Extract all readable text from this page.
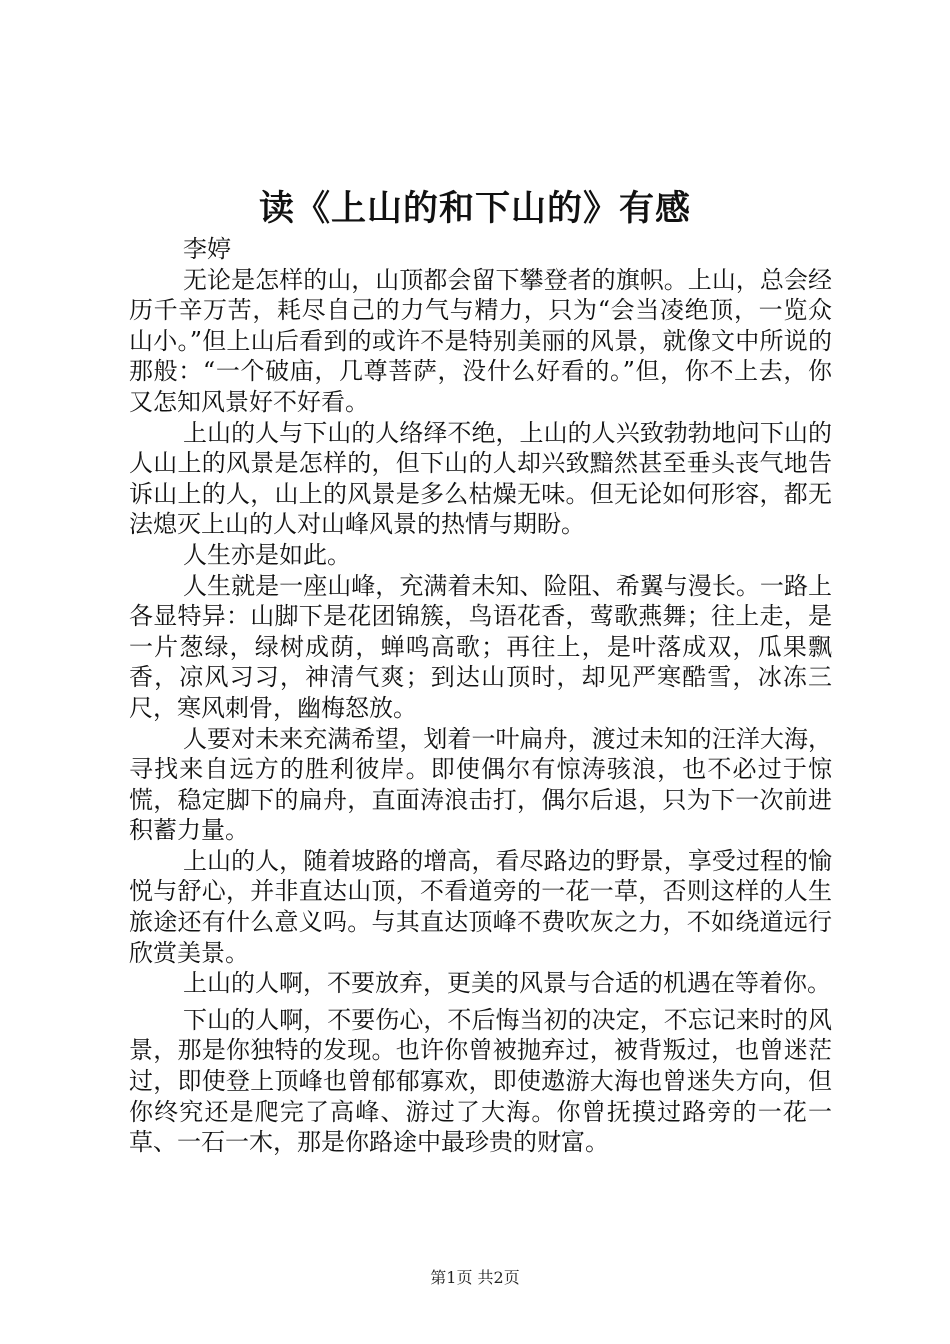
读《上山的和下山的》有感

李婷

无论是怎样的山，山顶都会留下攀登者的旗帜。上山，总会经历千辛万苦，耗尽自己的力气与精力，只为“会当凌绝顶，一览众山小。”但上山后看到的或许不是特别美丽的风景，就像文中所说的那般：“一个破庙，几尊菩萨，没什么好看的。”但，你不上去，你又怎知风景好不好看。

上山的人与下山的人络绎不绝，上山的人兴致勃勃地问下山的人山上的风景是怎样的，但下山的人却兴致黯然甚至垂头丧气地告诉山上的人，山上的风景是多么枯燥无味。但无论如何形容，都无法熄灭上山的人对山峰风景的热情与期盼。

人生亦是如此。

人生就是一座山峰，充满着未知、险阻、希翼与漫长。一路上各显特异：山脚下是花团锦簇，鸟语花香，莺歌燕舞；往上走，是一片葱绿，绿树成荫，蝉鸣高歌；再往上，是叶落成双，瓜果飘香，凉风习习，神清气爽；到达山顶时，却见严寒酷雪，冰冻三尺，寒风刺骨，幽梅怒放。

人要对未来充满希望，划着一叶扁舟，渡过未知的汪洋大海，寻找来自远方的胜利彼岸。即使偶尔有惊涛骇浪，也不必过于惊慌，稳定脚下的扁舟，直面涛浪击打，偶尔后退，只为下一次前进积蓄力量。

上山的人，随着坡路的增高，看尽路边的野景，享受过程的愉悦与舒心，并非直达山顶，不看道旁的一花一草，否则这样的人生旅途还有什么意义吗。与其直达顶峰不费吹灰之力，不如绕道远行欣赏美景。

上山的人啊，不要放弃，更美的风景与合适的机遇在等着你。

下山的人啊，不要伤心，不后悔当初的决定，不忘记来时的风景，那是你独特的发现。也许你曾被抛弃过，被背叛过，也曾迷茫过，即使登上顶峰也曾郁郁寡欢，即使遨游大海也曾迷失方向，但你终究还是爬完了高峰、游过了大海。你曾抚摸过路旁的一花一草、一石一木，那是你路途中最珍贵的财富。

第1页 共2页
